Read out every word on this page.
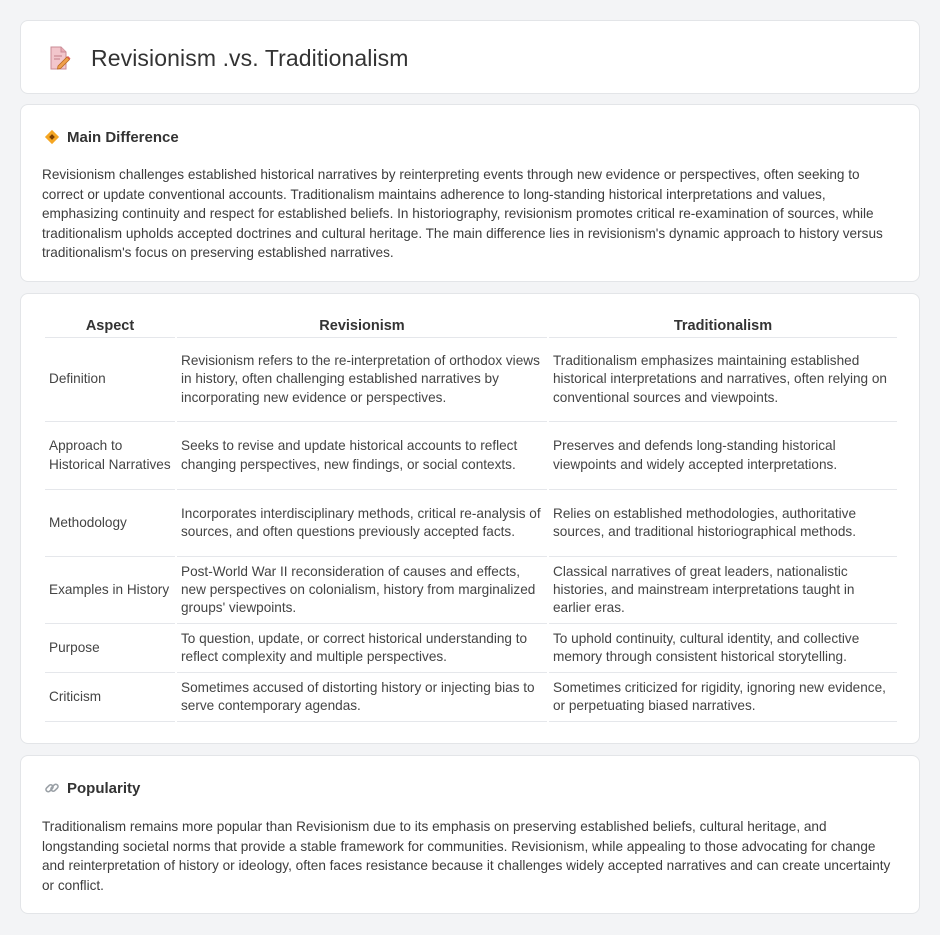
Revisionism .vs. Traditionalism
Main Difference

Revisionism challenges established historical narratives by reinterpreting events through new evidence or perspectives, often seeking to correct or update conventional accounts. Traditionalism maintains adherence to long-standing historical interpretations and values, emphasizing continuity and respect for established beliefs. In historiography, revisionism promotes critical re-examination of sources, while traditionalism upholds accepted doctrines and cultural heritage. The main difference lies in revisionism's dynamic approach to history versus traditionalism's focus on preserving established narratives.

Aspect	Revisionism	Traditionalism
Definition	Revisionism refers to the re-interpretation of orthodox views in history, often challenging established narratives by incorporating new evidence or perspectives.	Traditionalism emphasizes maintaining established historical interpretations and narratives, often relying on conventional sources and viewpoints.
Approach to Historical Narratives	Seeks to revise and update historical accounts to reflect changing perspectives, new findings, or social contexts.	Preserves and defends long-standing historical viewpoints and widely accepted interpretations.
Methodology	Incorporates interdisciplinary methods, critical re-analysis of sources, and often questions previously accepted facts.	Relies on established methodologies, authoritative sources, and traditional historiographical methods.
Examples in History	Post-World War II reconsideration of causes and effects, new perspectives on colonialism, history from marginalized groups' viewpoints.	Classical narratives of great leaders, nationalistic histories, and mainstream interpretations taught in earlier eras.
Purpose	To question, update, or correct historical understanding to reflect complexity and multiple perspectives.	To uphold continuity, cultural identity, and collective memory through consistent historical storytelling.
Criticism	Sometimes accused of distorting history or injecting bias to serve contemporary agendas.	Sometimes criticized for rigidity, ignoring new evidence, or perpetuating biased narratives.
Popularity

Traditionalism remains more popular than Revisionism due to its emphasis on preserving established beliefs, cultural heritage, and longstanding societal norms that provide a stable framework for communities. Revisionism, while appealing to those advocating for change and reinterpretation of history or ideology, often faces resistance because it challenges widely accepted narratives and can create uncertainty or conflict.
